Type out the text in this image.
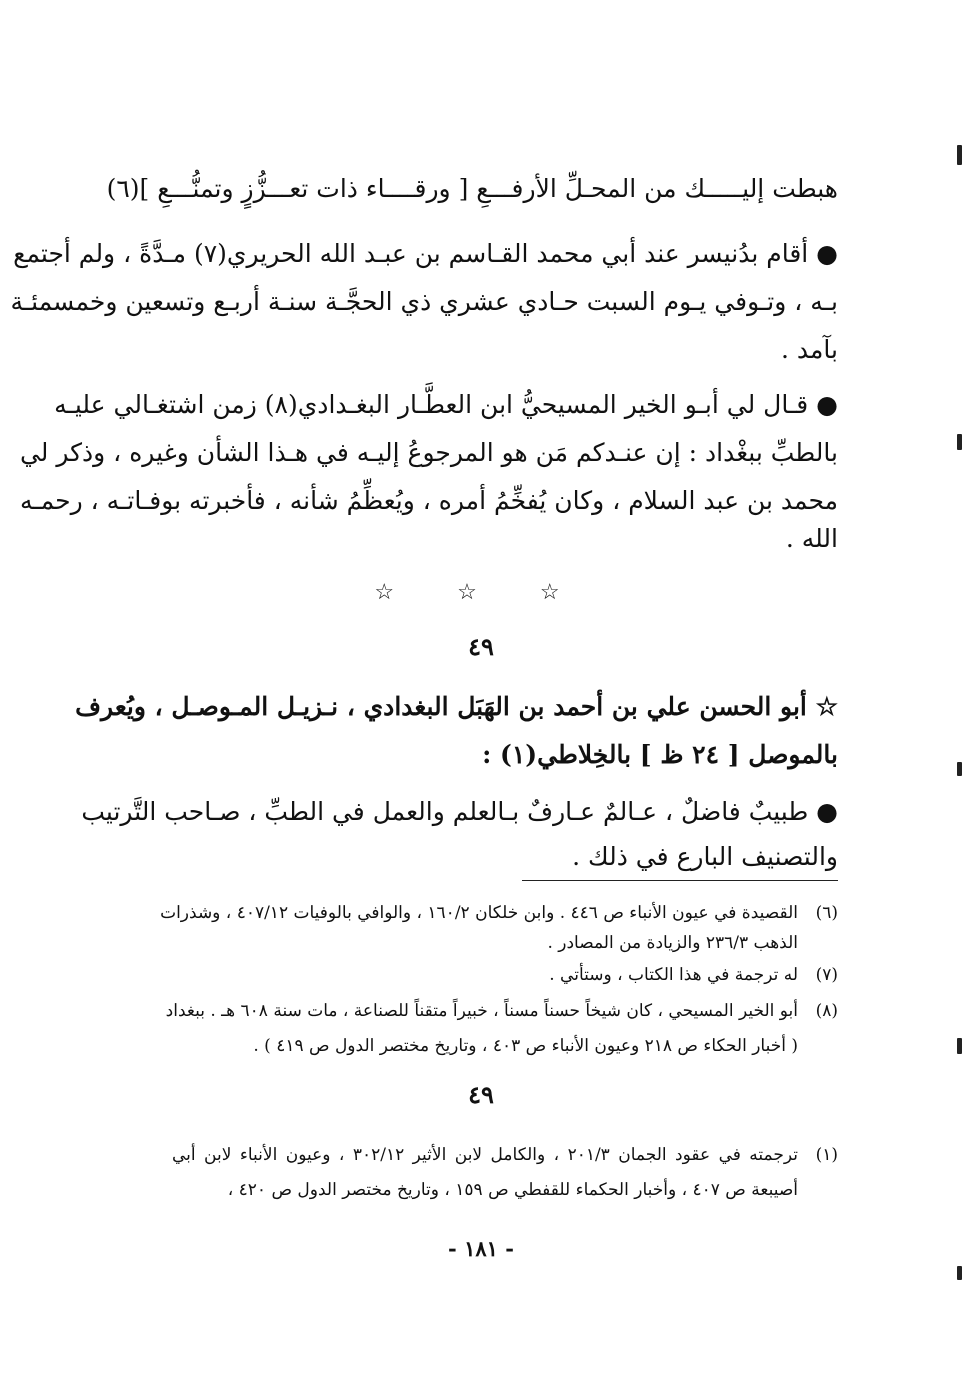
هبطت إليـــــك من المحـلِّ الأرفـــعِ [ ورقــــاء ذات تعـــزُّزٍ وتمنُّـــعِ ](٦)

● أقام بدُنيسر عند أبي محمد القـاسم بن عبـد الله الحريري(٧) مـدَّةً ، ولم أجتمع

بـه ، وتـوفي يـوم السبت حـادي عشري ذي الحجَّـة سنـة أربـع وتسعين وخمسمئـة

بآمد .

● قـال لي أبـو الخير المسيحيُّ ابن العطَّـار البغـدادي(٨) زمن اشتغـالي عليـه

بالطبِّ ببغْداد : إن عنـدكم مَن هو المرجوعُ إليـه في هـذا الشأن وغيره ، وذكر لي

محمد بن عبد السلام ، وكان يُفخِّمُ أمره ، ويُعظِّمُ شأنه ، فأخبرته بوفـاتـه ، رحمـه

الله .

☆ ☆ ☆

٤٩

☆ أبو الحسن علي بن أحمد بن الهَبَل البغدادي ، نـزيـل المـوصـل ، ويُعرف

بالموصل [ ٢٤ ظ ] بالخِلاطي(١) :

● طبيبٌ فاضلٌ ، عـالمٌ عـارفٌ بـالعلم والعمل في الطبِّ ، صـاحب التَّرتيب

والتصنيف البارع في ذلك .

(٦)القصيدة في عيون الأنباء ص ٤٤٦ . وابن خلكان ١٦٠/٢ ، والوافي بالوفيات ٤٠٧/١٢ ، وشذرات

الذهب ٢٣٦/٣ والزيادة من المصادر .

(٧)له ترجمة في هذا الكتاب ، وستأتي .

(٨)أبو الخير المسيحي ، كان شيخاً حسناً مسناً ، خبيراً متقناً للصناعة ، مات سنة ٦٠٨ هـ . ببغداد

( أخبار الحكاء ص ٢١٨ وعيون الأنباء ص ٤٠٣ ، وتاريخ مختصر الدول ص ٤١٩ ) .

٤٩

(١)ترجمته في عقود الجمان ٢٠١/٣ ، والكامل لابن الأثير ٣٠٢/١٢ ، وعيون الأنباء لابن أبي

أصيبعة ص ٤٠٧ ، وأخبار الحكماء للقفطي ص ١٥٩ ، وتاريخ مختصر الدول ص ٤٢٠ ،

- ١٨١ -
